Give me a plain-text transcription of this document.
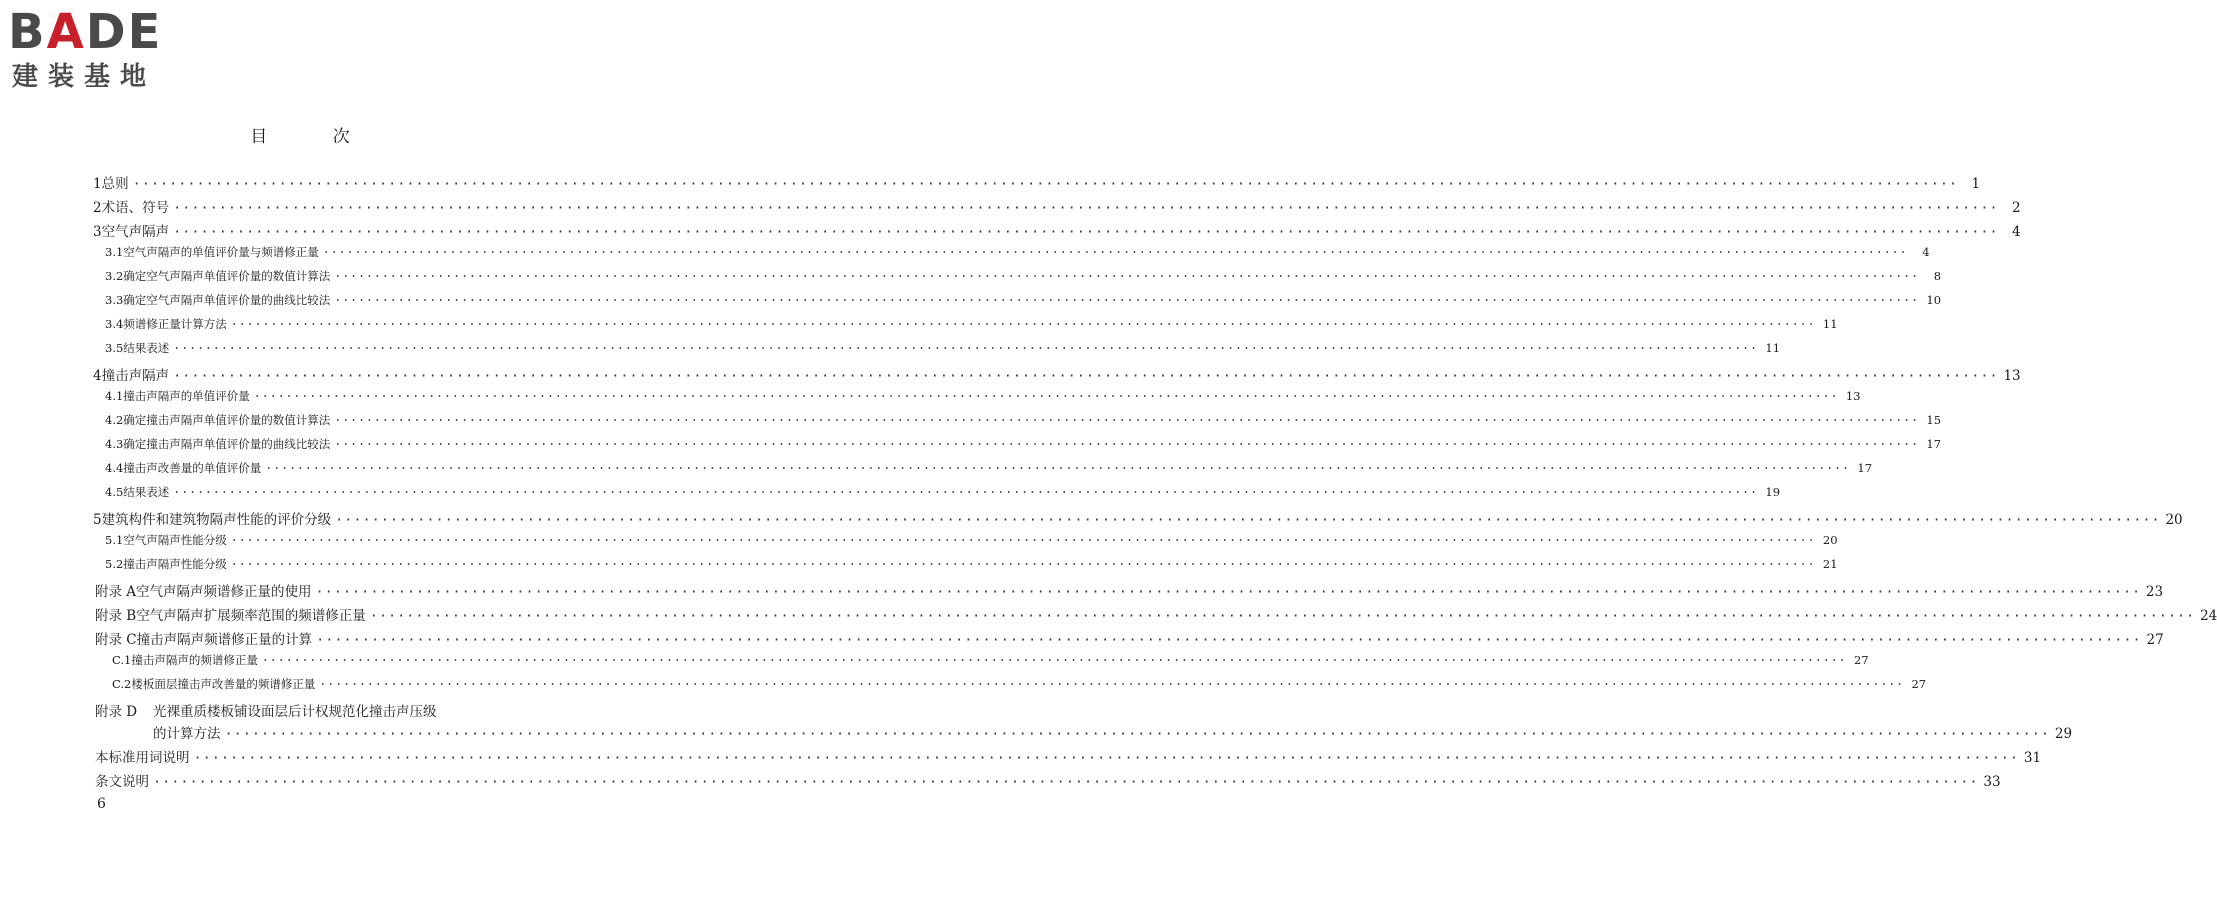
BADE
建装基地
目 次
1 总则 ········································································································································································································ 1
2 术语、符号 ········································································································································································································ 2
3 空气声隔声 ········································································································································································································ 4
3.1 空气声隔声的单值评价量与频谱修正量 ········································································································································································································	4
3.2 确定空气声隔声单值评价量的数值计算法 ········································································································································································································	8
3.3 确定空气声隔声单值评价量的曲线比较法 ········································································································································································································ 10
3.4 频谱修正量计算方法 ········································································································································································································ 11
3.5 结果表述 ········································································································································································································ 11
4 撞击声隔声 ········································································································································································································ 13
4.1 撞击声隔声的单值评价量 ········································································································································································································ 13
4.2 确定撞击声隔声单值评价量的数值计算法 ········································································································································································································ 15
4.3 确定撞击声隔声单值评价量的曲线比较法 ········································································································································································································ 17
4.4 撞击声改善量的单值评价量 ········································································································································································································ 17
4.5 结果表述 ········································································································································································································ 19
5 建筑构件和建筑物隔声性能的评价分级 ········································································································································································································ 20
5.1 空气声隔声性能分级 ········································································································································································································ 20
5.2 撞击声隔声性能分级 ········································································································································································································ 21
附录 A 空气声隔声频谱修正量的使用 ········································································································································································································ 23
附录 B 空气声隔声扩展频率范围的频谱修正量 ········································································································································································································ 24
附录 C 撞击声隔声频谱修正量的计算 ········································································································································································································ 27
C.1 撞击声隔声的频谱修正量 ········································································································································································································ 27
C.2 楼板面层撞击声改善量的频谱修正量 ········································································································································································································ 27
附录 D	光裸重质楼板铺设面层后计权规范化撞击声压级
的计算方法 ········································································································································································································ 29
本标准用词说明 ········································································································································································································ 31
条文说明 ········································································································································································································ 33
6
